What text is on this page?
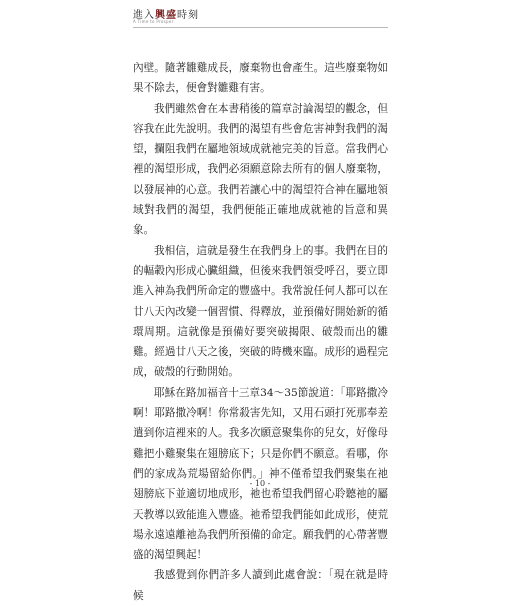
進入興盛時刻
A Time to Prosper

內壁。隨著雛雞成長，廢棄物也會產生。這些廢棄物如果不除去，便會對雛雞有害。

我們雖然會在本書稍後的篇章討論渴望的觀念，但容我在此先說明。我們的渴望有些會危害神對我們的渴望，攔阻我們在屬地領域成就祂完美的旨意。當我們心裡的渴望形成，我們必須願意除去所有的個人廢棄物，以發展神的心意。我們若讓心中的渴望符合神在屬地領域對我們的渴望，我們便能正確地成就祂的旨意和異象。

我相信，這就是發生在我們身上的事。我們在目的的輻轂內形成心臟組織，但後來我們領受呼召，要立即進入神為我們所命定的豐盛中。我常說任何人都可以在廿八天內改變一個習慣、得釋放，並預備好開始新的循環周期。這就像是預備好要突破揭限、破殼而出的雛雞。經過廿八天之後，突破的時機來臨。成形的過程完成，破殼的行動開始。

耶穌在路加福音十三章34～35節說道：「耶路撒冷啊！耶路撒冷啊！你常殺害先知，又用石頭打死那奉差遣到你這裡來的人。我多次願意聚集你的兒女，好像母雞把小雞聚集在翅膀底下；只是你們不願意。看哪，你們的家成為荒場留給你們。」神不僅希望我們聚集在祂翅膀底下並適切地成形，祂也希望我們留心聆聽祂的屬天教導以致能進入豐盛。祂希望我們能如此成形，使荒場永遠遠離祂為我們所預備的命定。願我們的心帶著豐盛的渴望興起！

我感覺到你們許多人讀到此處會說：「現在就是時候

- 10 -
